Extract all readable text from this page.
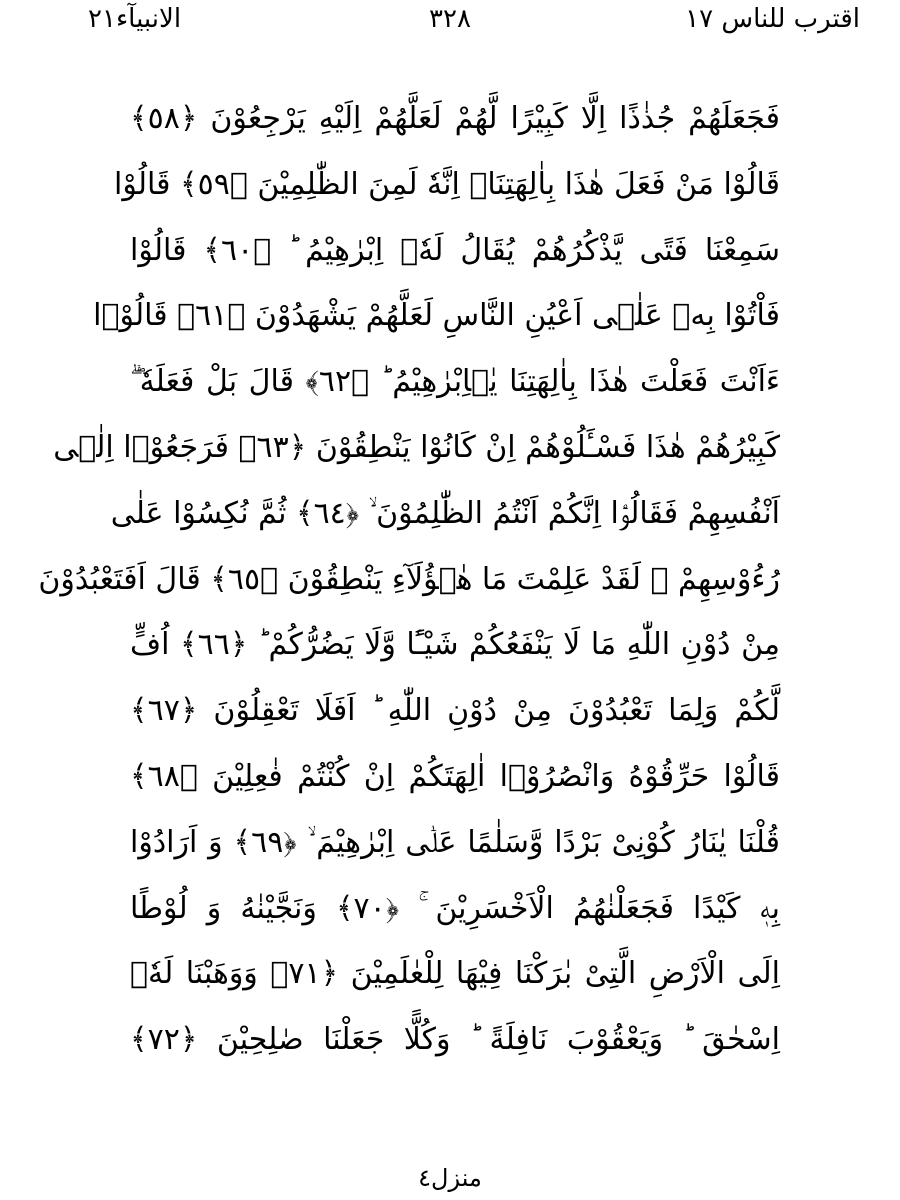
اقترب للناس ١٧
٣٢٨
الانبيآء٢١
فَجَعَلَهُمْ جُذٰذًا اِلَّا كَبِيْرًا لَّهُمْ لَعَلَّهُمْ اِلَيْهِ يَرْجِعُوْنَ ﴿٥٨﴾
قَالُوْا مَنْ فَعَلَ هٰذَا بِاٰلِهَتِنَاۤ اِنَّهٗ لَمِنَ الظّٰلِمِيْنَ ﴿٥٩﴾ قَالُوْا
سَمِعْنَا فَتًى يَّذْكُرُهُمْ يُقَالُ لَهٗۤ اِبْرٰهِيْمُ ؕ ﴿٦٠﴾ قَالُوْا
فَاْتُوْا بِهٖ عَلٰۤى اَعْيُنِ النَّاسِ لَعَلَّهُمْ يَشْهَدُوْنَ ﴿٦١﴾ قَالُوْۤا
ءَاَنْتَ فَعَلْتَ هٰذَا بِاٰلِهَتِنَا يٰۤاِبْرٰهِيْمُ ؕ ﴿٦٢﴾ قَالَ بَلْ فَعَلَهٗ ۖۗ
كَبِيْرُهُمْ هٰذَا فَسْـَٔلُوْهُمْ اِنْ كَانُوْا يَنْطِقُوْنَ ﴿٦٣﴾ فَرَجَعُوْۤا اِلٰۤى
اَنْفُسِهِمْ فَقَالُوْۤا اِنَّكُمْ اَنْتُمُ الظّٰلِمُوْنَ ۙ ﴿٦٤﴾ ثُمَّ نُكِسُوْا عَلٰى
رُءُوْسِهِمْ ۚ لَقَدْ عَلِمْتَ مَا هٰۤؤُلَآءِ يَنْطِقُوْنَ ﴿٦٥﴾ قَالَ اَفَتَعْبُدُوْنَ
مِنْ دُوْنِ اللّٰهِ مَا لَا يَنْفَعُكُمْ شَيْـًٔا وَّلَا يَضُرُّكُمْ ؕ ﴿٦٦﴾ اُفٍّ
لَّكُمْ وَلِمَا تَعْبُدُوْنَ مِنْ دُوْنِ اللّٰهِ ؕ اَفَلَا تَعْقِلُوْنَ ﴿٦٧﴾
قَالُوْا حَرِّقُوْهُ وَانْصُرُوْۤا اٰلِهَتَكُمْ اِنْ كُنْتُمْ فٰعِلِيْنَ ﴿٦٨﴾
قُلْنَا يٰنَارُ كُوْنِىْ بَرْدًا وَّسَلٰمًا عَلٰۤى اِبْرٰهِيْمَ ۙ ﴿٦٩﴾ وَ اَرَادُوْا
بِهٖ كَيْدًا فَجَعَلْنٰهُمُ الْاَخْسَرِيْنَ ۚ ﴿٧٠﴾ وَنَجَّيْنٰهُ وَ لُوْطًا
اِلَى الْاَرْضِ الَّتِىْ بٰرَكْنَا فِيْهَا لِلْعٰلَمِيْنَ ﴿٧١﴾ وَوَهَبْنَا لَهٗۤ
اِسْحٰقَ ؕ وَيَعْقُوْبَ نَافِلَةً ؕ وَكُلًّا جَعَلْنَا صٰلِحِيْنَ ﴿٧٢﴾
منزل٤
